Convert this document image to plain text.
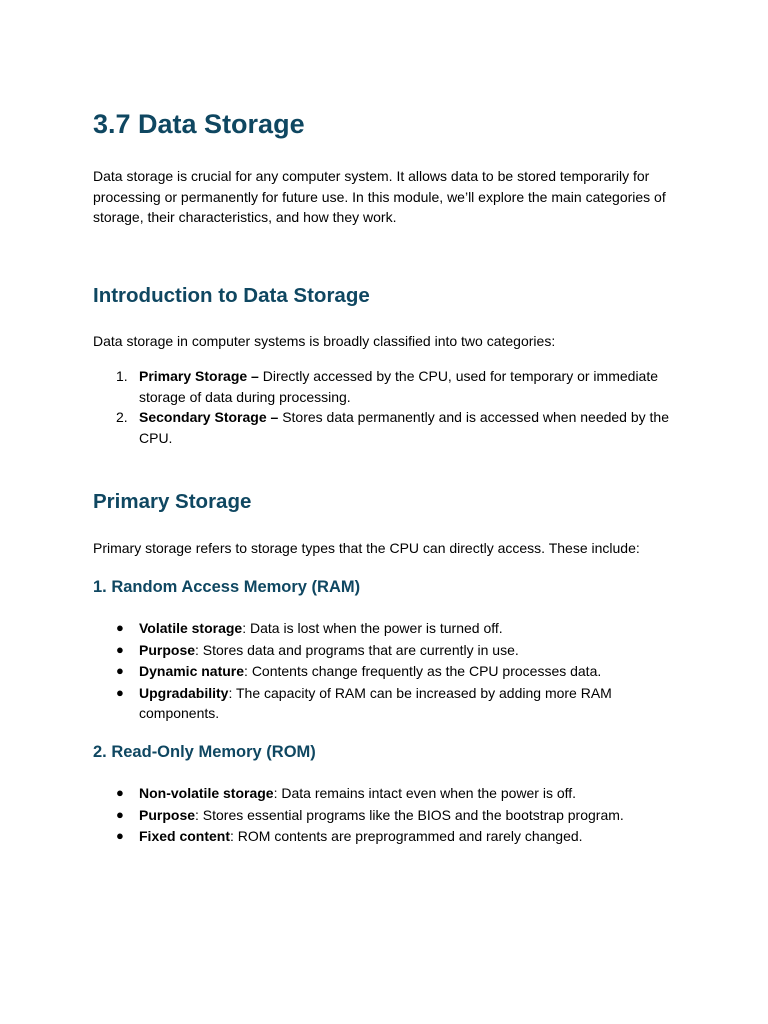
3.7 Data Storage

Data storage is crucial for any computer system. It allows data to be stored temporarily for processing or permanently for future use. In this module, we’ll explore the main categories of storage, their characteristics, and how they work.

Introduction to Data Storage

Data storage in computer systems is broadly classified into two categories:

1. Primary Storage – Directly accessed by the CPU, used for temporary or immediate storage of data during processing.
2. Secondary Storage – Stores data permanently and is accessed when needed by the CPU.
Primary Storage

Primary storage refers to storage types that the CPU can directly access. These include:

1. Random Access Memory (RAM)
● Volatile storage: Data is lost when the power is turned off.
● Purpose: Stores data and programs that are currently in use.
● Dynamic nature: Contents change frequently as the CPU processes data.
● Upgradability: The capacity of RAM can be increased by adding more RAM components.
2. Read-Only Memory (ROM)
● Non-volatile storage: Data remains intact even when the power is off.
● Purpose: Stores essential programs like the BIOS and the bootstrap program.
● Fixed content: ROM contents are preprogrammed and rarely changed.
